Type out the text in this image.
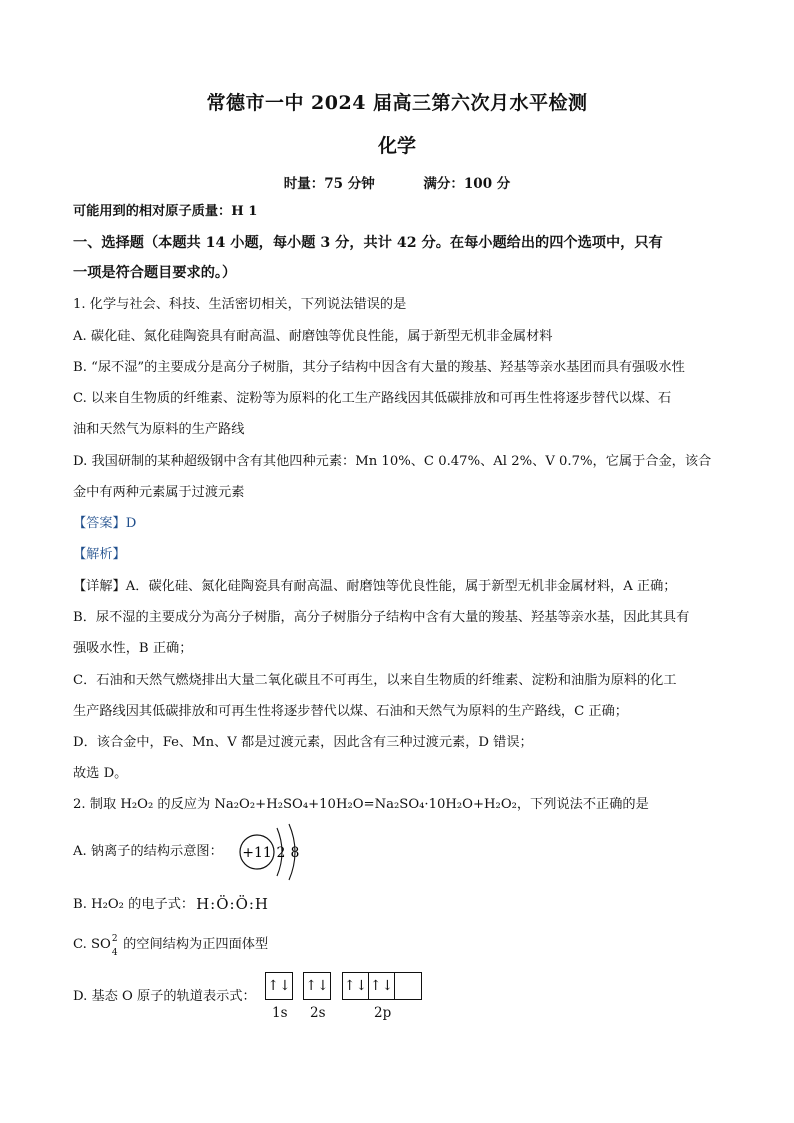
常德市一中 2024 届高三第六次月水平检测
化学
时量：75 分钟	满分：100 分
可能用到的相对原子质量：H 1
一、选择题（本题共 14 小题，每小题 3 分，共计 42 分。在每小题给出的四个选项中，只有
一项是符合题目要求的。）
1. 化学与社会、科技、生活密切相关，下列说法错误的是
A. 碳化硅、氮化硅陶瓷具有耐高温、耐磨蚀等优良性能，属于新型无机非金属材料
B. “尿不湿”的主要成分是高分子树脂，其分子结构中因含有大量的羧基、羟基等亲水基团而具有强吸水性
C. 以来自生物质的纤维素、淀粉等为原料的化工生产路线因其低碳排放和可再生性将逐步替代以煤、石
油和天然气为原料的生产路线
D. 我国研制的某种超级钢中含有其他四种元素：Mn 10%、C 0.47%、Al 2%、V 0.7%，它属于合金，该合
金中有两种元素属于过渡元素
【答案】D
【解析】
【详解】A．碳化硅、氮化硅陶瓷具有耐高温、耐磨蚀等优良性能，属于新型无机非金属材料，A 正确；
B．尿不湿的主要成分为高分子树脂，高分子树脂分子结构中含有大量的羧基、羟基等亲水基，因此其具有
强吸水性，B 正确；
C．石油和天然气燃烧排出大量二氧化碳且不可再生，以来自生物质的纤维素、淀粉和油脂为原料的化工
生产路线因其低碳排放和可再生性将逐步替代以煤、石油和天然气为原料的生产路线，C 正确；
D．该合金中，Fe、Mn、V 都是过渡元素，因此含有三种过渡元素，D 错误；
故选 D。
2. 制取 H₂O₂ 的反应为 Na₂O₂+H₂SO₄+10H₂O=Na₂SO₄·10H₂O+H₂O₂，下列说法不正确的是
A. 钠离子的结构示意图：	+11 2 8
B. H₂O₂ 的电子式： H:Ö:Ö:H
C. SO 2
4
的空间结构为正四面体型
D. 基态 O 原子的轨道表示式：
↑↓ ↑↓ ↑↓ ↑↓
1s 2s	2p
